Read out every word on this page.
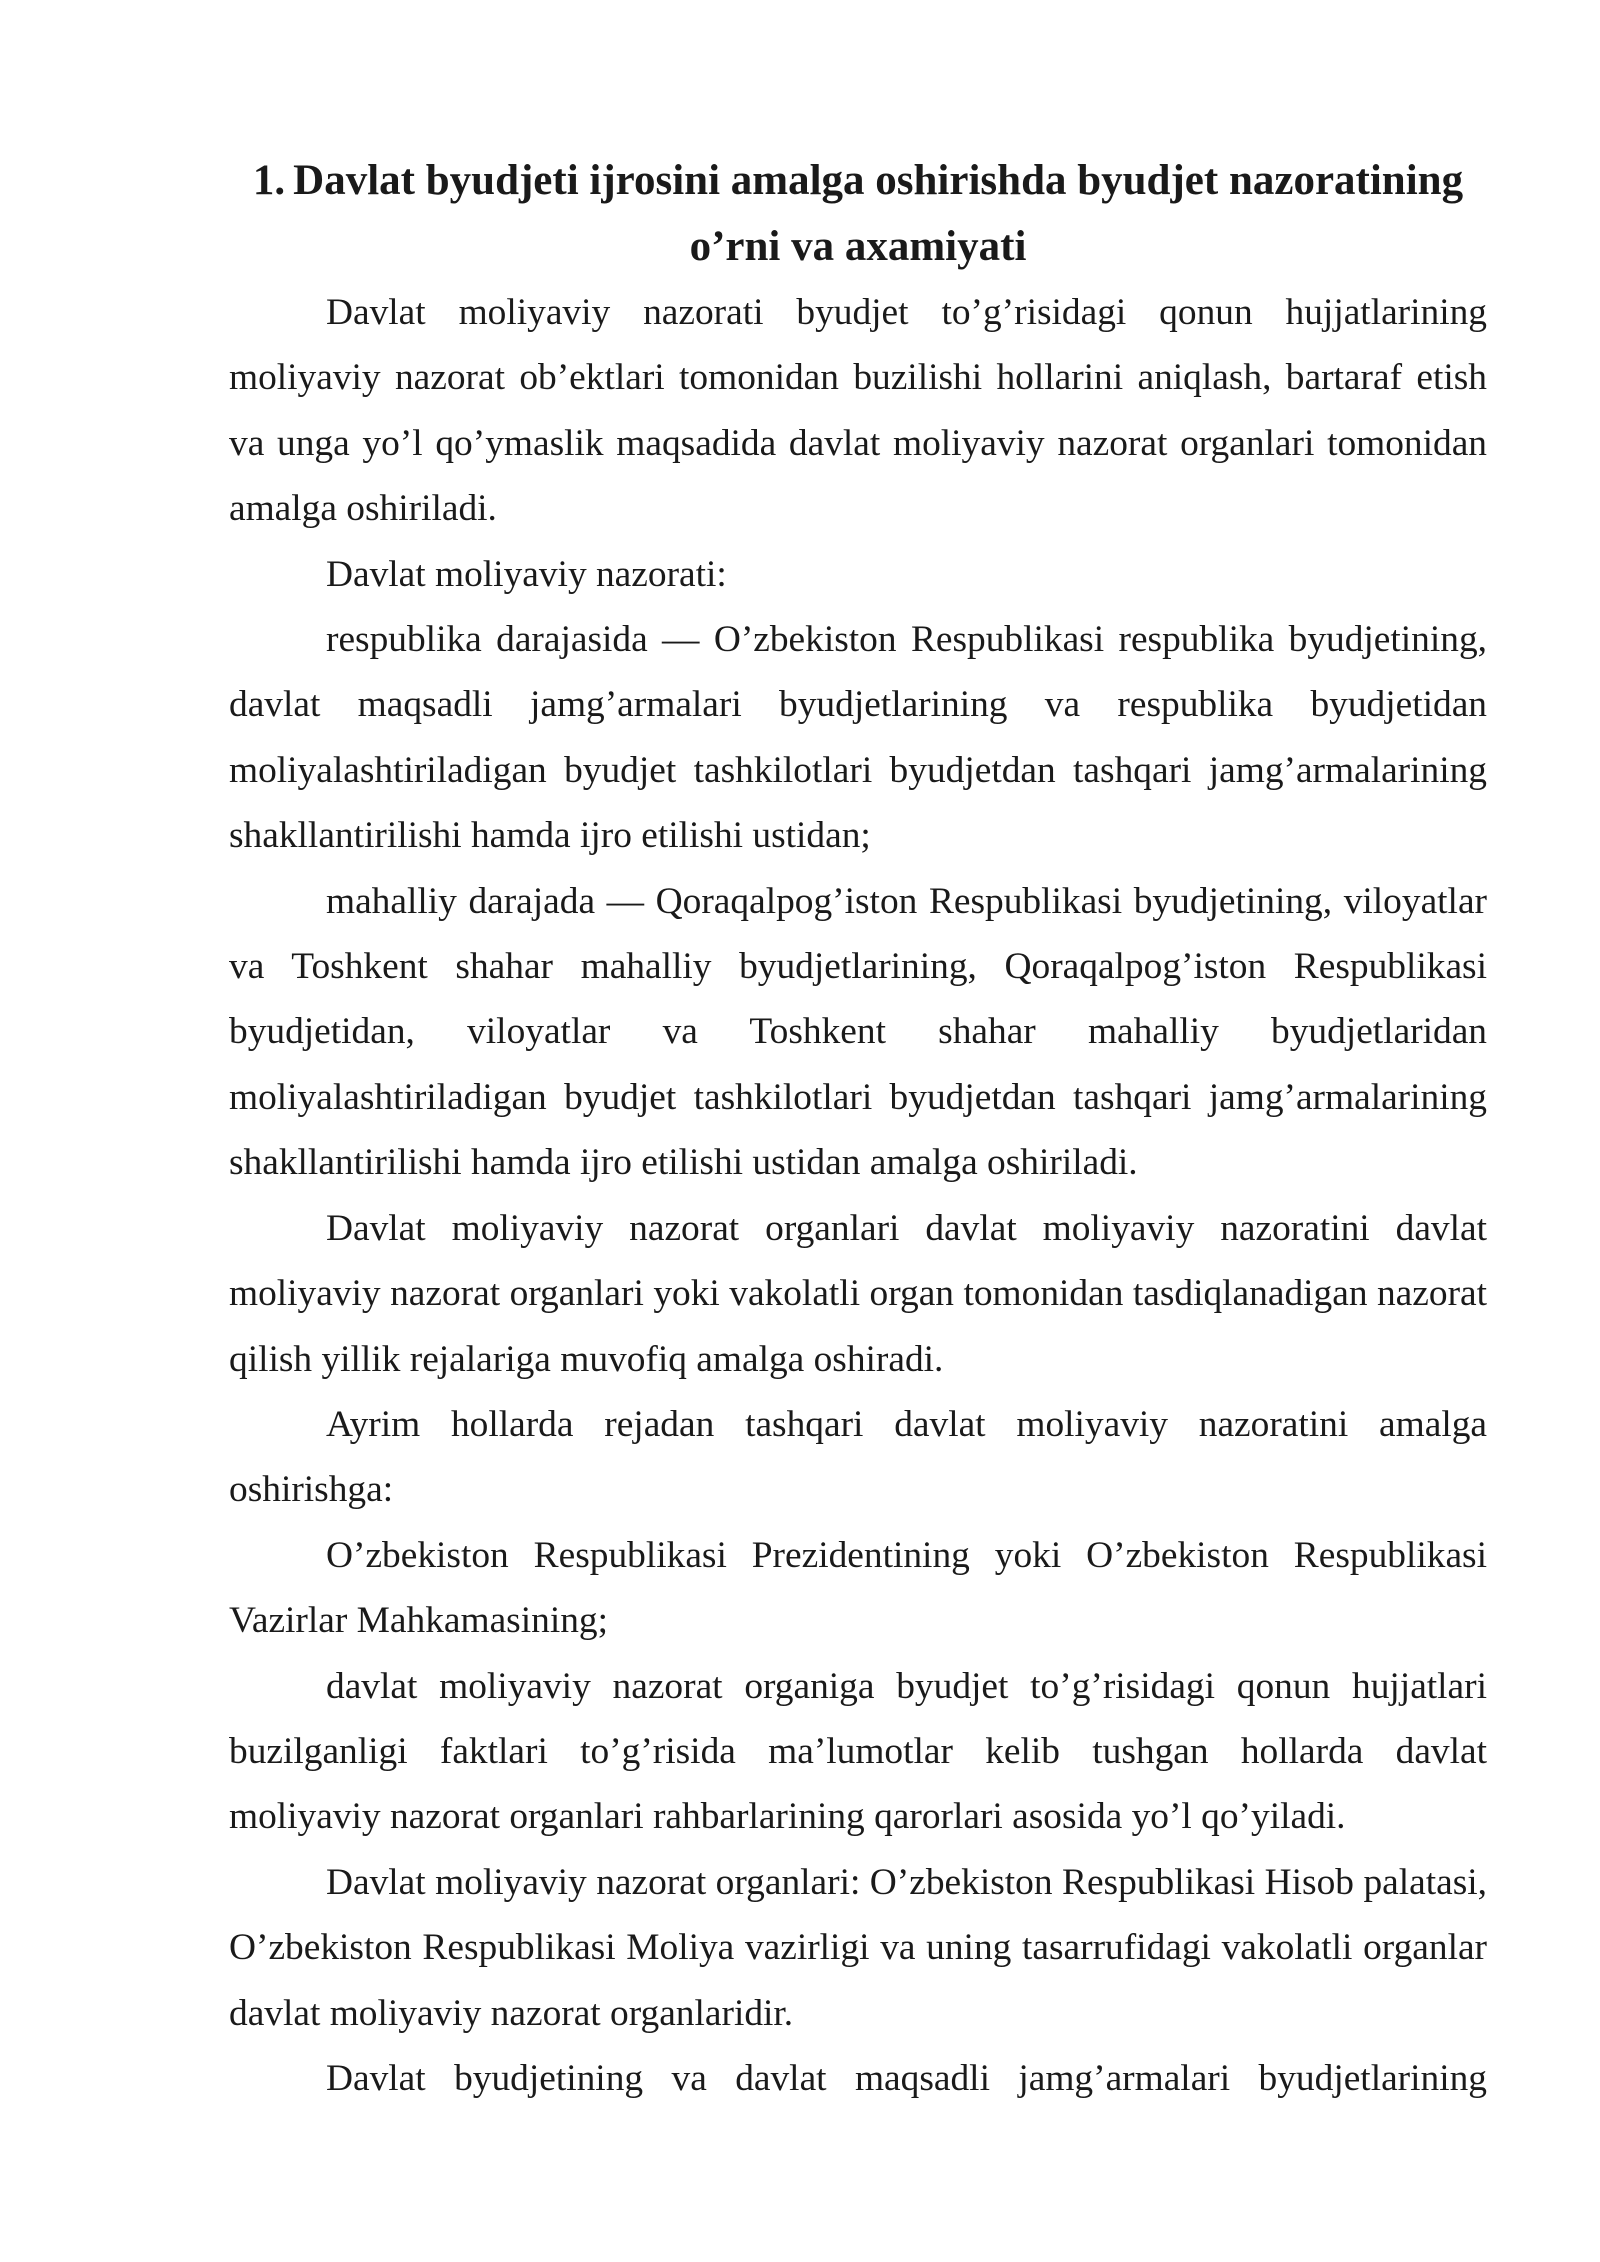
1. Davlat byudjeti ijrosini amalga oshirishda byudjet nazoratining
o’rni va axamiyati

Davlat moliyaviy nazorati byudjet to’g’risidagi qonun hujjatlarining moliyaviy nazorat ob’ektlari tomonidan buzilishi hollarini aniqlash, bartaraf etish va unga yo’l qo’ymaslik maqsadida davlat moliyaviy nazorat organlari tomonidan amalga oshiriladi.

Davlat moliyaviy nazorati:

respublika darajasida — O’zbekiston Respublikasi respublika byudjetining, davlat maqsadli jamg’armalari byudjetlarining va respublika byudjetidan moliyalashtiriladigan byudjet tashkilotlari byudjetdan tashqari jamg’armalarining shakllantirilishi hamda ijro etilishi ustidan;

mahalliy darajada — Qoraqalpog’iston Respublikasi byudjetining, viloyatlar va Toshkent shahar mahalliy byudjetlarining, Qoraqalpog’iston Respublikasi byudjetidan, viloyatlar va Toshkent shahar mahalliy byudjetlaridan moliyalashtiriladigan byudjet tashkilotlari byudjetdan tashqari jamg’armalarining shakllantirilishi hamda ijro etilishi ustidan amalga oshiriladi.

Davlat moliyaviy nazorat organlari davlat moliyaviy nazoratini davlat moliyaviy nazorat organlari yoki vakolatli organ tomonidan tasdiqlanadigan nazorat qilish yillik rejalariga muvofiq amalga oshiradi.

Ayrim hollarda rejadan tashqari davlat moliyaviy nazoratini amalga oshirishga:

O’zbekiston Respublikasi Prezidentining yoki O’zbekiston Respublikasi Vazirlar Mahkamasining;

davlat moliyaviy nazorat organiga byudjet to’g’risidagi qonun hujjatlari buzilganligi faktlari to’g’risida ma’lumotlar kelib tushgan hollarda davlat moliyaviy nazorat organlari rahbarlarining qarorlari asosida yo’l qo’yiladi.

Davlat moliyaviy nazorat organlari: O’zbekiston Respublikasi Hisob palatasi, O’zbekiston Respublikasi Moliya vazirligi va uning tasarrufidagi vakolatli organlar davlat moliyaviy nazorat organlaridir.

Davlat byudjetining va davlat maqsadli jamg’armalari byudjetlarining
